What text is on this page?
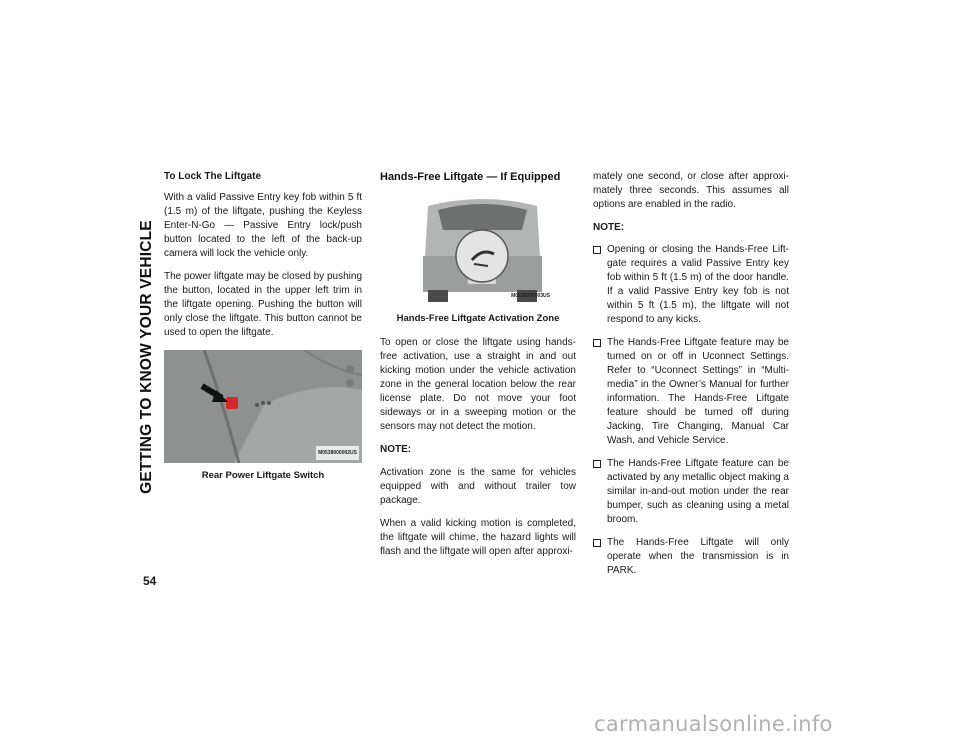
GETTING TO KNOW YOUR VEHICLE
54
To Lock The Liftgate

With a valid Passive Entry key fob within 5 ft (1.5 m) of the liftgate, pushing the Keyless Enter-N-Go — Passive Entry lock/push button located to the left of the back-up camera will lock the vehicle only.

The power liftgate may be closed by pushing the button, located in the upper left trim in the liftgate opening. Pushing the button will only close the liftgate. This button cannot be used to open the liftgate.

M0538000002US
Rear Power Liftgate Switch
Hands-Free Liftgate — If Equipped
M0538000003US
Hands-Free Liftgate Activation Zone

To open or close the liftgate using hands-free activation, use a straight in and out kicking motion under the vehicle activation zone in the general location below the rear license plate. Do not move your foot sideways or in a sweeping motion or the sensors may not detect the motion.

NOTE:

Activation zone is the same for vehicles equipped with and without trailer tow package.

When a valid kicking motion is completed, the liftgate will chime, the hazard lights will flash and the liftgate will open after approxi-

mately one second, or close after approxi-mately three seconds. This assumes all options are enabled in the radio.

NOTE:

Opening or closing the Hands-Free Lift-gate requires a valid Passive Entry key fob within 5 ft (1.5 m) of the door handle. If a valid Passive Entry key fob is not within 5 ft (1.5 m), the liftgate will not respond to any kicks.
The Hands-Free Liftgate feature may be turned on or off in Uconnect Settings. Refer to “Uconnect Settings” in “Multi-media” in the Owner’s Manual for further information. The Hands-Free Liftgate feature should be turned off during Jacking, Tire Changing, Manual Car Wash, and Vehicle Service.
The Hands-Free Liftgate feature can be activated by any metallic object making a similar in-and-out motion under the rear bumper, such as cleaning using a metal broom.
The Hands-Free Liftgate will only operate when the transmission is in PARK.
carmanualsonline.info
